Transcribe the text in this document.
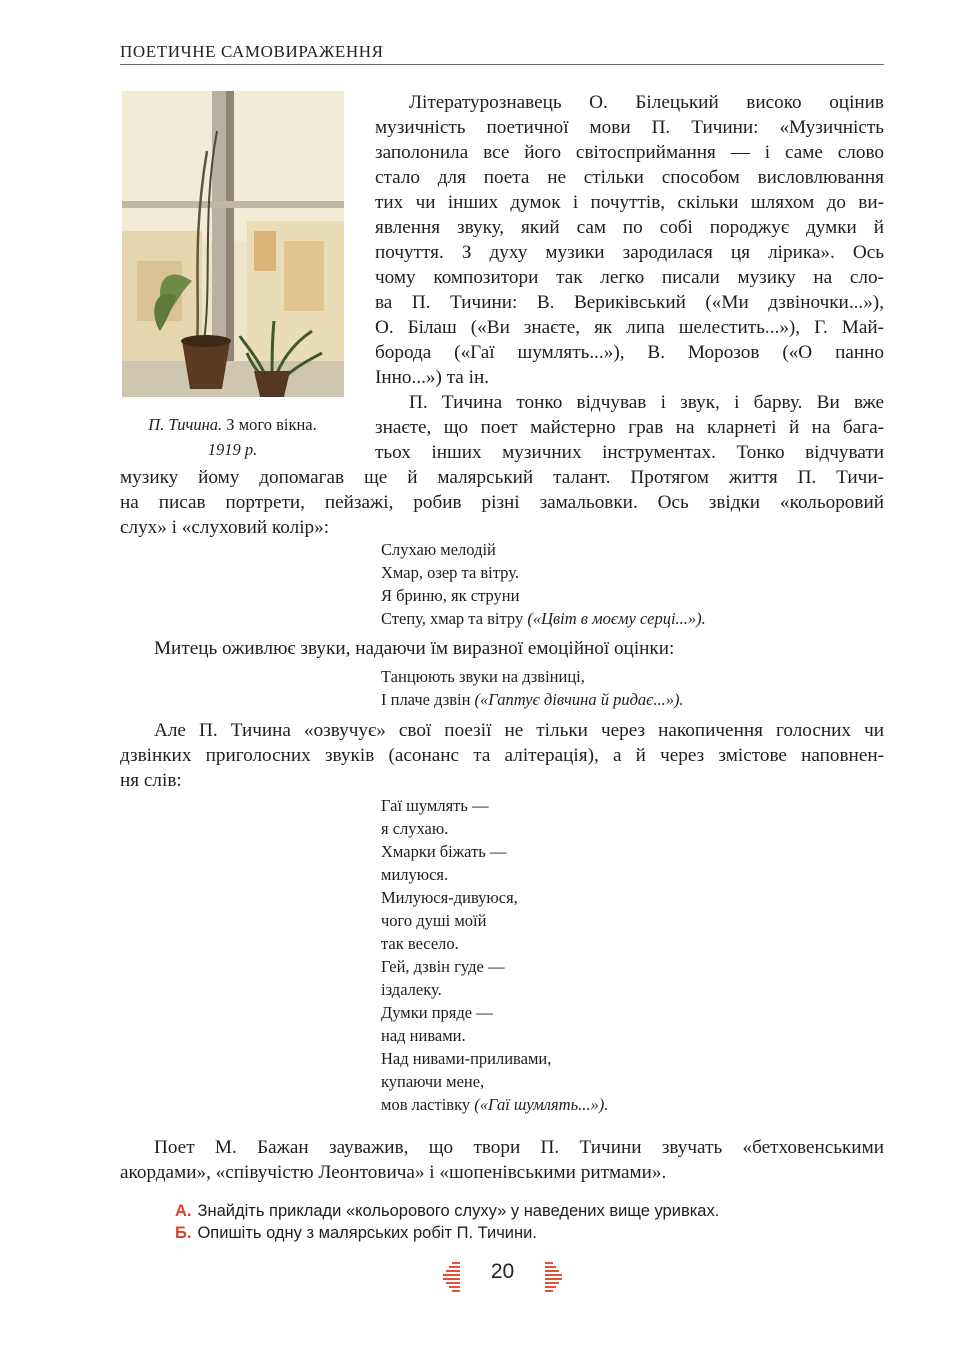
ПОЕТИЧНЕ САМОВИРАЖЕННЯ
П. Тичина. З мого вікна.
1919 р.
Літературознавець О. Білецький високо оцінив
музичність поетичної мови П. Тичини: «Музичність
заполонила все його світосприймання — і саме слово
стало для поета не стільки способом висловлювання
тих чи інших думок і почуттів, скільки шляхом до ви-
явлення звуку, який сам по собі породжує думки й
почуття. З духу музики зародилася ця лірика». Ось
чому композитори так легко писали музику на сло-
ва П. Тичини: В. Вериківський («Ми дзвіночки...»),
О. Білаш («Ви знаєте, як липа шелестить...»), Г. Май-
борода («Гаї шумлять...»), В. Морозов («О панно
Інно...») та ін.
П. Тичина тонко відчував і звук, і барву. Ви вже
знаєте, що поет майстерно грав на кларнеті й на бага-
тьох інших музичних інструментах. Тонко відчувати
музику йому допомагав ще й малярський талант. Протягом життя П. Тичи-
на писав портрети, пейзажі, робив різні замальовки. Ось звідки «кольоровий
слух» і «слуховий колір»:
Слухаю мелодій
Хмар, озер та вітру.
Я бриню, як струни
Степу, хмар та вітру («Цвіт в моєму серці...»).
Митець оживлює звуки, надаючи їм виразної емоційної оцінки:
Танцюють звуки на дзвіниці,
І плаче дзвін («Гаптує дівчина й ридає...»).
Але П. Тичина «озвучує» свої поезії не тільки через накопичення голосних чи
дзвінких приголосних звуків (асонанс та алітерація), а й через змістове наповнен-
ня слів:
Гаї шумлять —
я слухаю.
Хмарки біжать —
милуюся.
Милуюся-дивуюся,
чого душі моїй
так весело.
Гей, дзвін гуде —
іздалеку.
Думки пряде —
над нивами.
Над нивами-приливами,
купаючи мене,
мов ластівку («Гаї шумлять...»).
Поет М. Бажан зауважив, що твори П. Тичини звучать «бетховенськими
акордами», «співучістю Леонтовича» і «шопенівськими ритмами».
А. Знайдіть приклади «кольорового слуху» у наведених вище уривках.
Б. Опишіть одну з малярських робіт П. Тичини.
20
